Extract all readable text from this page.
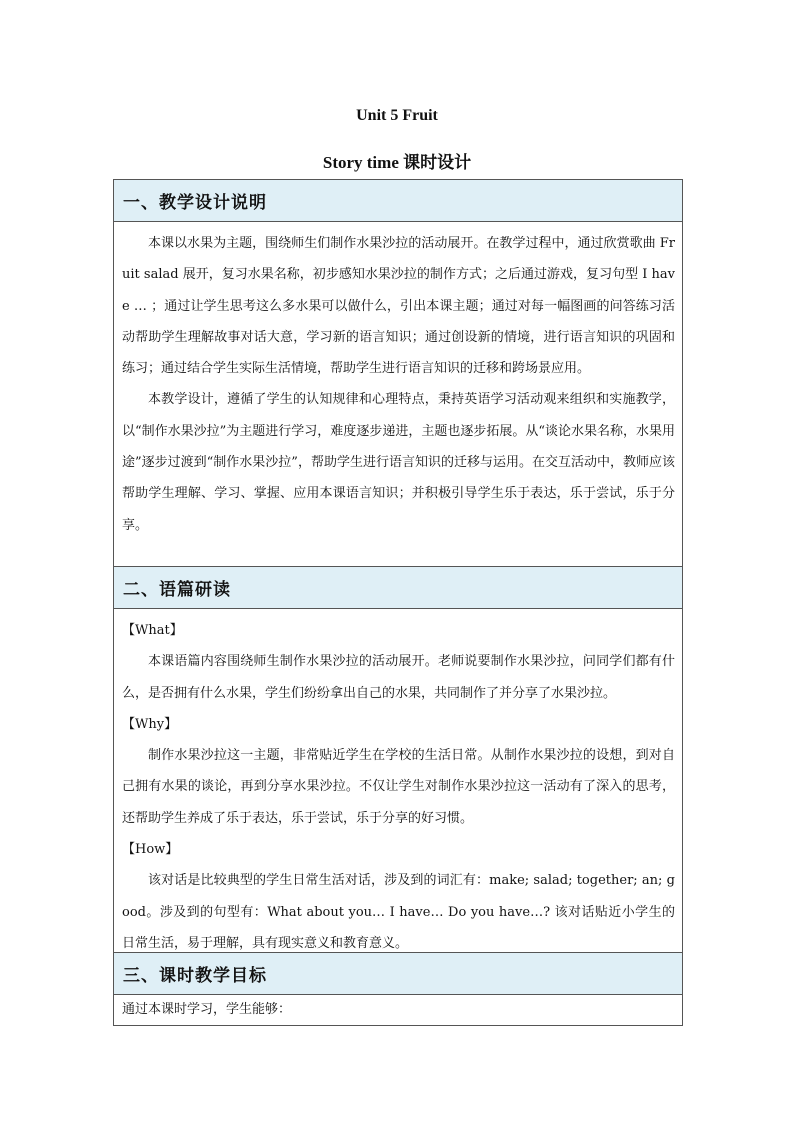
Unit 5 Fruit
Story time 课时设计
一、教学设计说明

本课以水果为主题，围绕师生们制作水果沙拉的活动展开。在教学过程中，通过欣赏歌曲 Fruit salad 展开，复习水果名称，初步感知水果沙拉的制作方式；之后通过游戏，复习句型 I have … ；通过让学生思考这么多水果可以做什么，引出本课主题；通过对每一幅图画的问答练习活动帮助学生理解故事对话大意，学习新的语言知识；通过创设新的情境，进行语言知识的巩固和练习；通过结合学生实际生活情境，帮助学生进行语言知识的迁移和跨场景应用。

本教学设计，遵循了学生的认知规律和心理特点，秉持英语学习活动观来组织和实施教学，以“制作水果沙拉”为主题进行学习，难度逐步递进，主题也逐步拓展。从“谈论水果名称，水果用途”逐步过渡到“制作水果沙拉”，帮助学生进行语言知识的迁移与运用。在交互活动中，教师应该帮助学生理解、学习、掌握、应用本课语言知识；并积极引导学生乐于表达，乐于尝试，乐于分享。

二、语篇研读

【What】

本课语篇内容围绕师生制作水果沙拉的活动展开。老师说要制作水果沙拉，问同学们都有什么，是否拥有什么水果，学生们纷纷拿出自己的水果，共同制作了并分享了水果沙拉。

【Why】

制作水果沙拉这一主题，非常贴近学生在学校的生活日常。从制作水果沙拉的设想，到对自己拥有水果的谈论，再到分享水果沙拉。不仅让学生对制作水果沙拉这一活动有了深入的思考，还帮助学生养成了乐于表达，乐于尝试，乐于分享的好习惯。

【How】

该对话是比较典型的学生日常生活对话，涉及到的词汇有：make; salad; together; an; good。涉及到的句型有：What about you… I have… Do you have…? 该对话贴近小学生的日常生活，易于理解，具有现实意义和教育意义。

三、课时教学目标

通过本课时学习，学生能够：
